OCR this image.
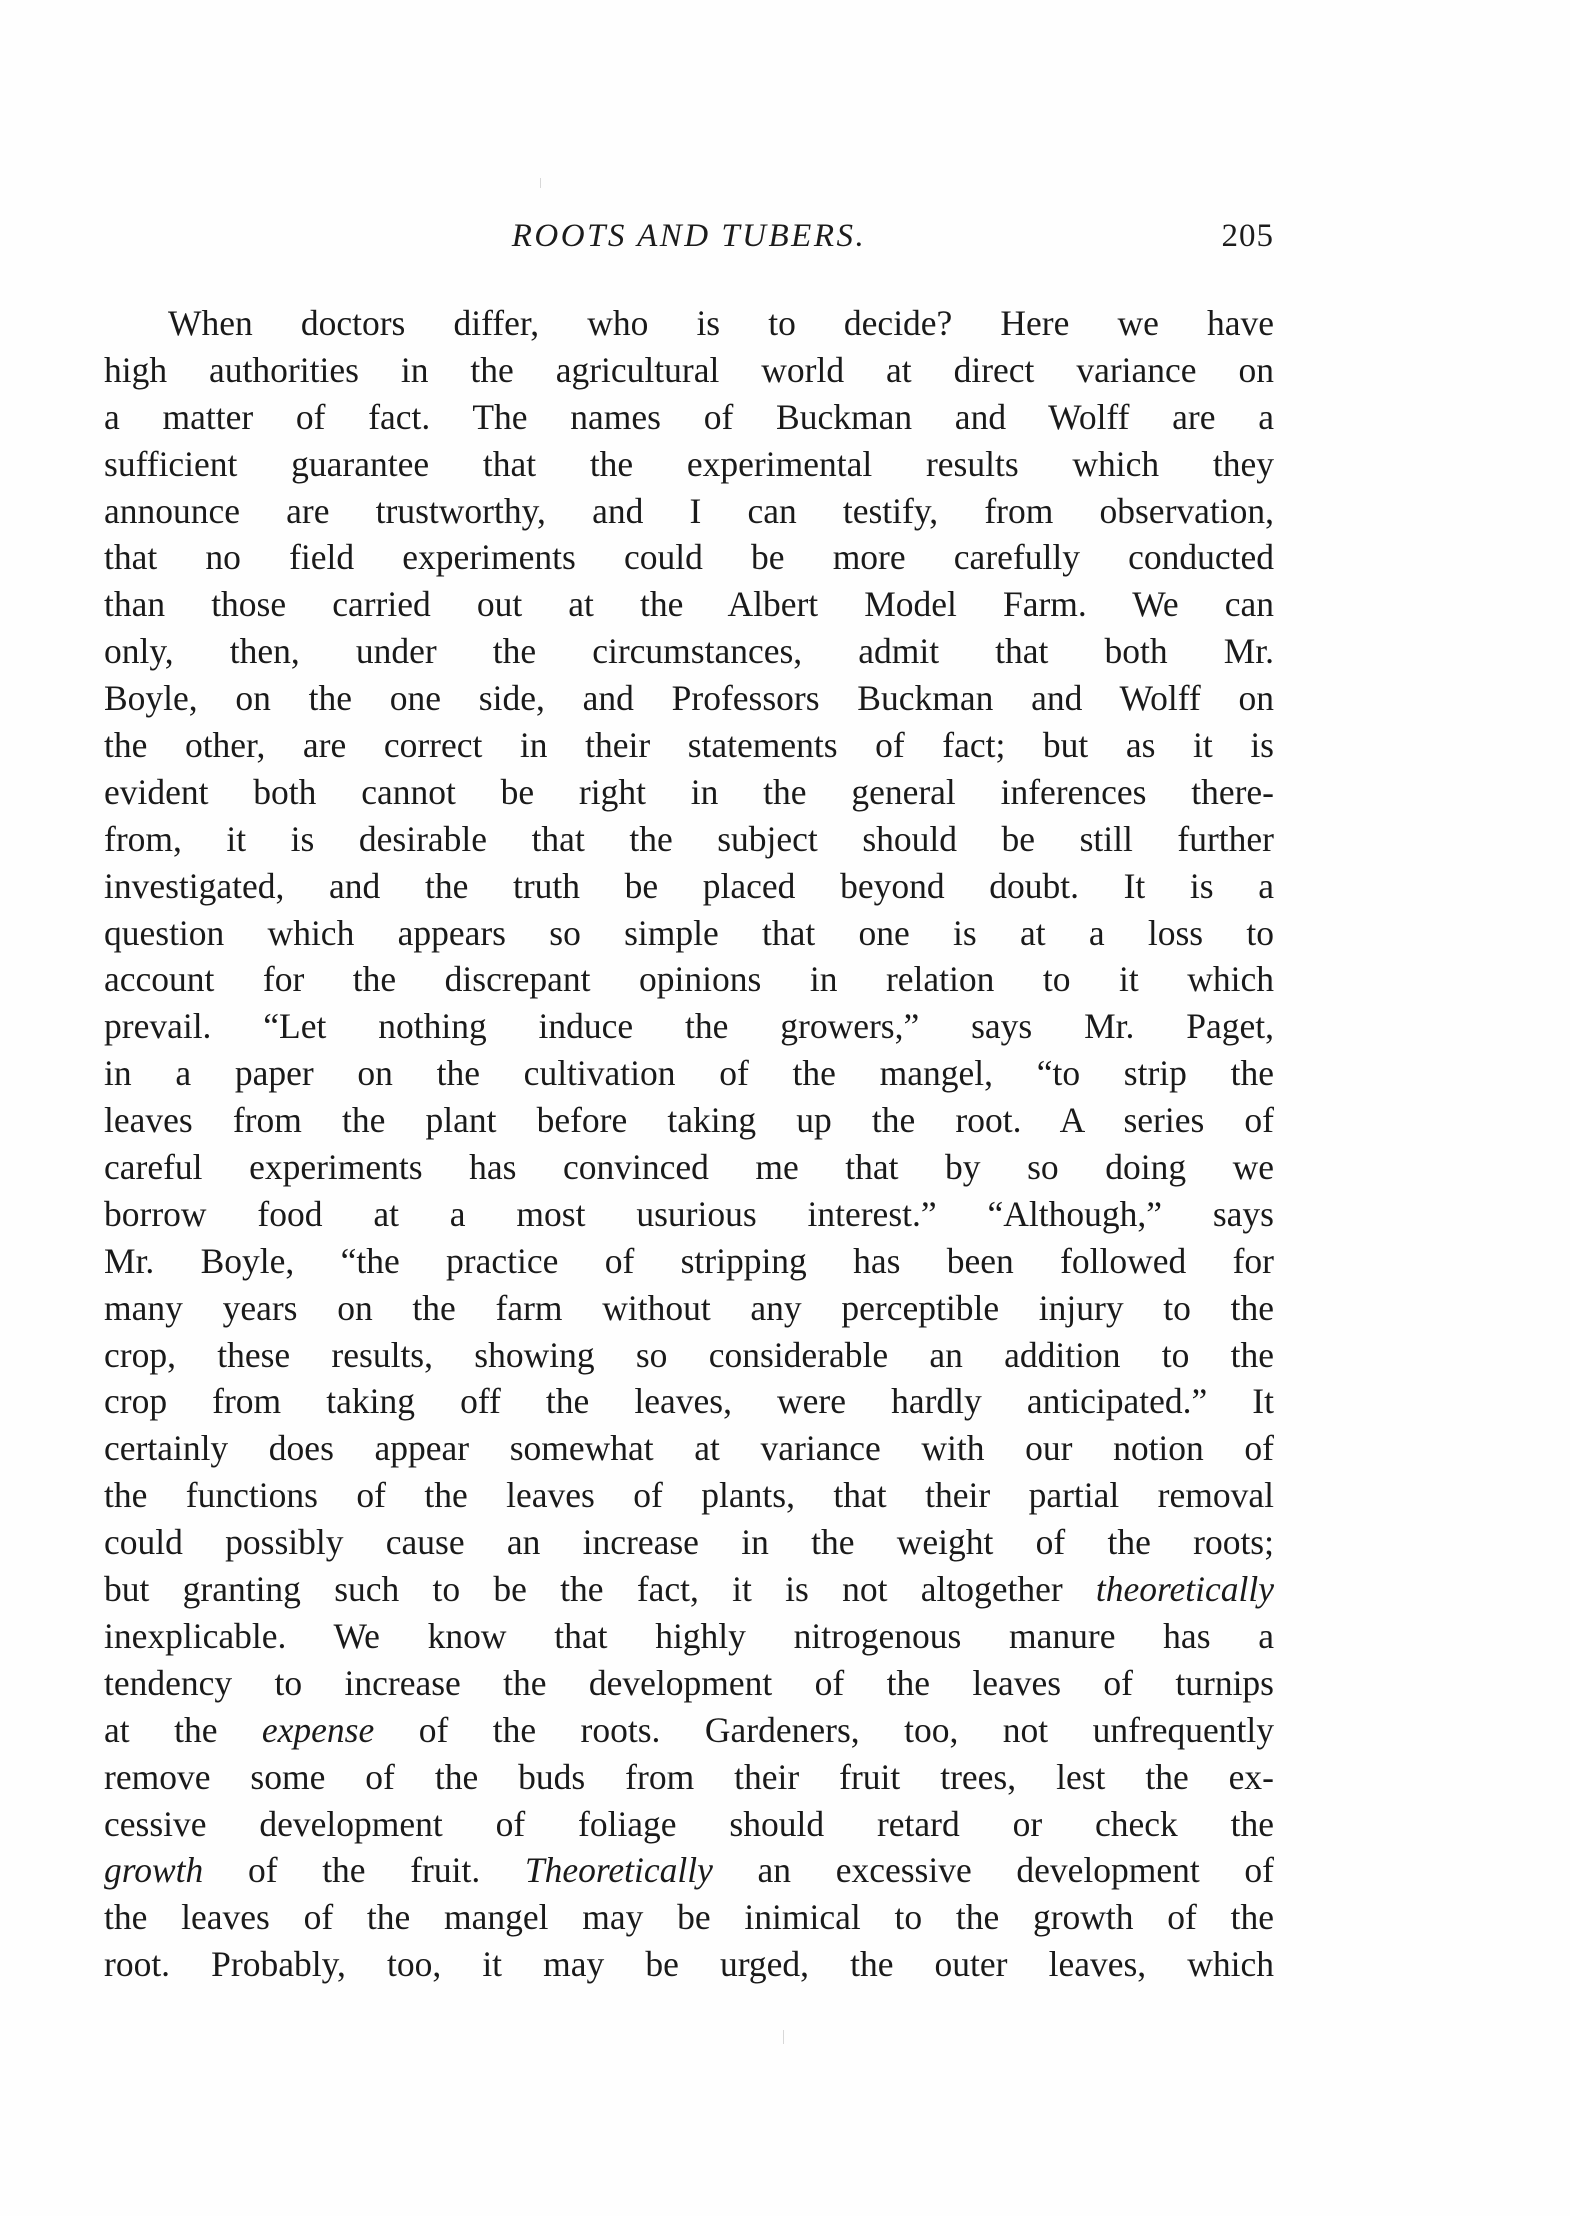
ROOTS AND TUBERS.	205
When doctors differ, who is to decide? Here we have
high authorities in the agricultural world at direct variance on
a matter of fact. The names of Buckman and Wolff are a
sufficient guarantee that the experimental results which they
announce are trustworthy, and I can testify, from observation,
that no field experiments could be more carefully conducted
than those carried out at the Albert Model Farm. We can
only, then, under the circumstances, admit that both Mr.
Boyle, on the one side, and Professors Buckman and Wolff on
the other, are correct in their statements of fact; but as it is
evident both cannot be right in the general inferences there-
from, it is desirable that the subject should be still further
investigated, and the truth be placed beyond doubt. It is a
question which appears so simple that one is at a loss to
account for the discrepant opinions in relation to it which
prevail. “Let nothing induce the growers,” says Mr. Paget,
in a paper on the cultivation of the mangel, “to strip the
leaves from the plant before taking up the root. A series of
careful experiments has convinced me that by so doing we
borrow food at a most usurious interest.” “Although,” says
Mr. Boyle, “the practice of stripping has been followed for
many years on the farm without any perceptible injury to the
crop, these results, showing so considerable an addition to the
crop from taking off the leaves, were hardly anticipated.” It
certainly does appear somewhat at variance with our notion of
the functions of the leaves of plants, that their partial removal
could possibly cause an increase in the weight of the roots;
but granting such to be the fact, it is not altogether theoretically
inexplicable. We know that highly nitrogenous manure has a
tendency to increase the development of the leaves of turnips
at the expense of the roots. Gardeners, too, not unfrequently
remove some of the buds from their fruit trees, lest the ex-
cessive development of foliage should retard or check the
growth of the fruit. Theoretically an excessive development of
the leaves of the mangel may be inimical to the growth of the
root. Probably, too, it may be urged, the outer leaves, which
